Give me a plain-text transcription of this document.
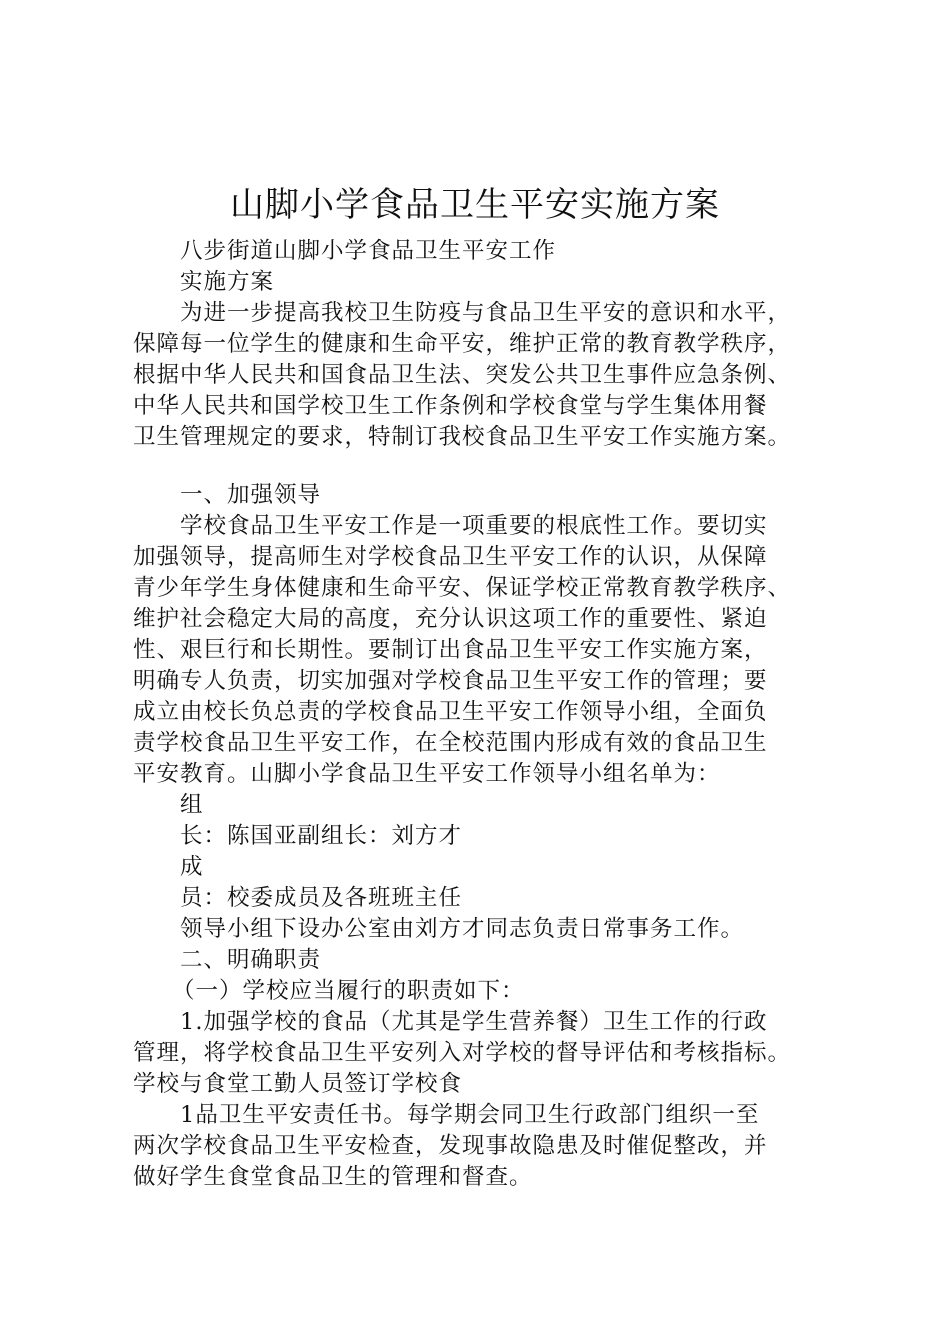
山脚小学食品卫生平安实施方案
八步街道山脚小学食品卫生平安工作
实施方案
为进一步提高我校卫生防疫与食品卫生平安的意识和水平，
保障每一位学生的健康和生命平安，维护正常的教育教学秩序，
根据中华人民共和国食品卫生法、突发公共卫生事件应急条例、
中华人民共和国学校卫生工作条例和学校食堂与学生集体用餐
卫生管理规定的要求，特制订我校食品卫生平安工作实施方案。
一、加强领导
学校食品卫生平安工作是一项重要的根底性工作。要切实
加强领导，提高师生对学校食品卫生平安工作的认识，从保障
青少年学生身体健康和生命平安、保证学校正常教育教学秩序、
维护社会稳定大局的高度，充分认识这项工作的重要性、紧迫
性、艰巨行和长期性。要制订出食品卫生平安工作实施方案，
明确专人负责，切实加强对学校食品卫生平安工作的管理；要
成立由校长负总责的学校食品卫生平安工作领导小组，全面负
责学校食品卫生平安工作，在全校范围内形成有效的食品卫生
平安教育。山脚小学食品卫生平安工作领导小组名单为：
组
长：陈国亚副组长：刘方才
成
员：校委成员及各班班主任
领导小组下设办公室由刘方才同志负责日常事务工作。
二、明确职责
（一）学校应当履行的职责如下：
1.加强学校的食品（尤其是学生营养餐）卫生工作的行政
管理，将学校食品卫生平安列入对学校的督导评估和考核指标。
学校与食堂工勤人员签订学校食
1品卫生平安责任书。每学期会同卫生行政部门组织一至
两次学校食品卫生平安检查，发现事故隐患及时催促整改，并
做好学生食堂食品卫生的管理和督查。
